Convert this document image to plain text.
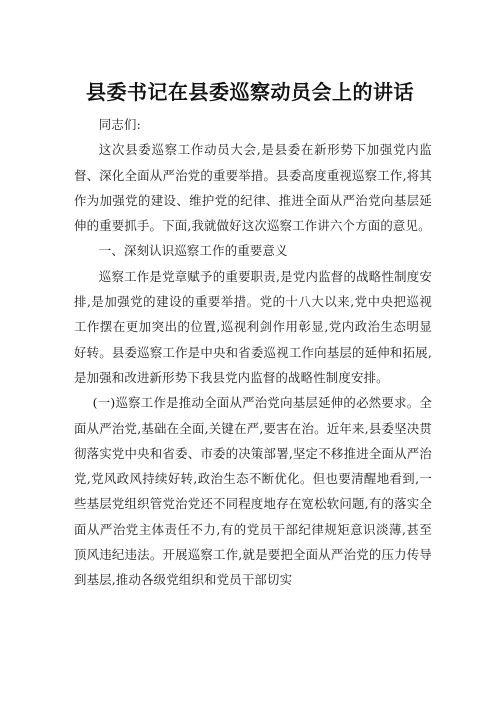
县委书记在县委巡察动员会上的讲话

同志们:

这次县委巡察工作动员大会,是县委在新形势下加强党内监督、深化全面从严治党的重要举措。县委高度重视巡察工作,将其作为加强党的建设、维护党的纪律、推进全面从严治党向基层延伸的重要抓手。下面,我就做好这次巡察工作讲六个方面的意见。

一、深刻认识巡察工作的重要意义

巡察工作是党章赋予的重要职责,是党内监督的战略性制度安排,是加强党的建设的重要举措。党的十八大以来,党中央把巡视工作摆在更加突出的位置,巡视利剑作用彰显,党内政治生态明显好转。县委巡察工作是中央和省委巡视工作向基层的延伸和拓展,是加强和改进新形势下我县党内监督的战略性制度安排。

(一)巡察工作是推动全面从严治党向基层延伸的必然要求。全面从严治党,基础在全面,关键在严,要害在治。近年来,县委坚决贯彻落实党中央和省委、市委的决策部署,坚定不移推进全面从严治党,党风政风持续好转,政治生态不断优化。但也要清醒地看到,一些基层党组织管党治党还不同程度地存在宽松软问题,有的落实全面从严治党主体责任不力,有的党员干部纪律规矩意识淡薄,甚至顶风违纪违法。开展巡察工作,就是要把全面从严治党的压力传导到基层,推动各级党组织和党员干部切实
